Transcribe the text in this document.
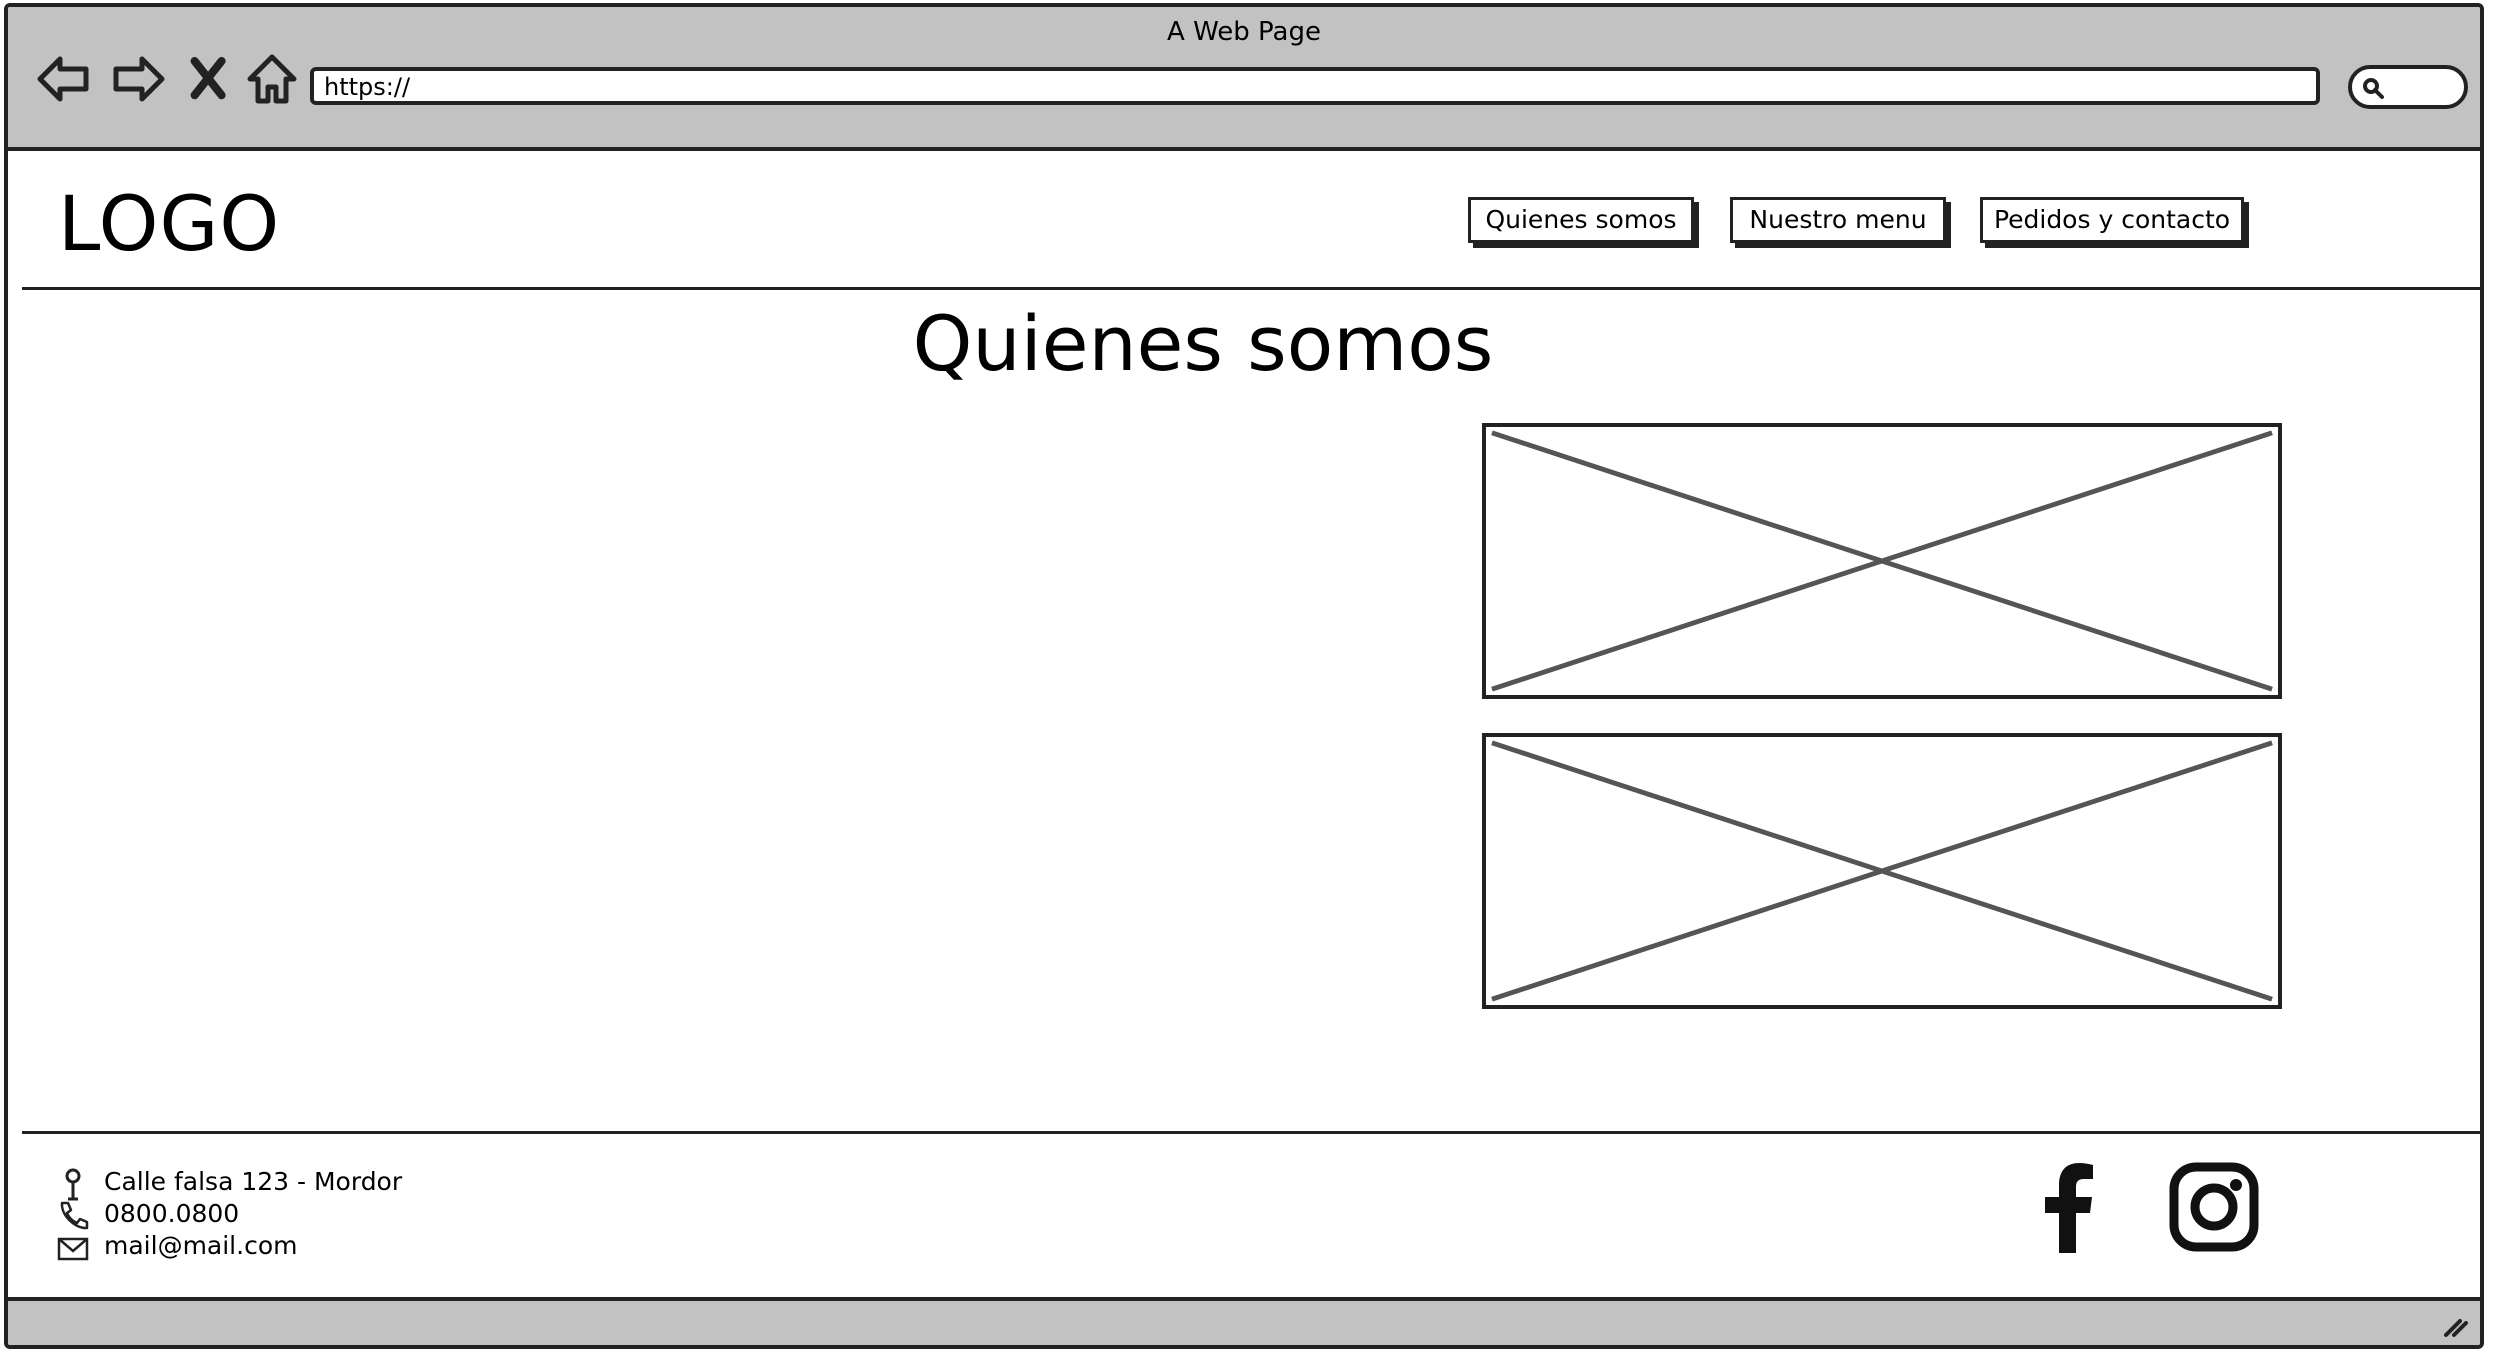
A Web Page
https://
LOGO	Quienes somos	Nuestro menu	Pedidos y contacto
Quienes somos
Calle falsa 123 - Mordor
0800.0800
mail@mail.com
